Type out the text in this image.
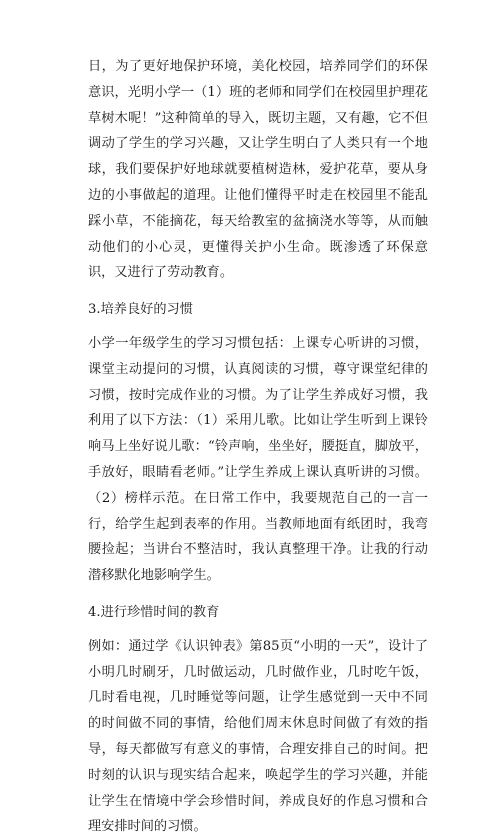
日，为了更好地保护环境，美化校园，培养同学们的环保意识，光明小学一（1）班的老师和同学们在校园里护理花草树木呢！”这种简单的导入，既切主题，又有趣，它不但调动了学生的学习兴趣，又让学生明白了人类只有一个地球，我们要保护好地球就要植树造林，爱护花草，要从身边的小事做起的道理。让他们懂得平时走在校园里不能乱踩小草，不能摘花，每天给教室的盆摘浇水等等，从而触动他们的小心灵，更懂得关护小生命。既渗透了环保意识，又进行了劳动教育。

3.培养良好的习惯

小学一年级学生的学习习惯包括：上课专心听讲的习惯，课堂主动提问的习惯，认真阅读的习惯，尊守课堂纪律的习惯，按时完成作业的习惯。为了让学生养成好习惯，我利用了以下方法：（1）采用儿歌。比如让学生听到上课铃响马上坐好说儿歌：“铃声响，坐坐好，腰挺直，脚放平，手放好，眼睛看老师。”让学生养成上课认真听讲的习惯。（2）榜样示范。在日常工作中，我要规范自己的一言一行，给学生起到表率的作用。当教师地面有纸团时，我弯腰捡起；当讲台不整洁时，我认真整理干净。让我的行动潜移默化地影响学生。

4.进行珍惜时间的教育

例如：通过学《认识钟表》第85页“小明的一天”，设计了小明几时刷牙，几时做运动，几时做作业，几时吃午饭，几时看电视，几时睡觉等问题，让学生感觉到一天中不同的时间做不同的事情，给他们周末休息时间做了有效的指导，每天都做写有意义的事情，合理安排自己的时间。把时刻的认识与现实结合起来，唤起学生的学习兴趣，并能让学生在情境中学会珍惜时间，养成良好的作息习惯和合理安排时间的习惯。
